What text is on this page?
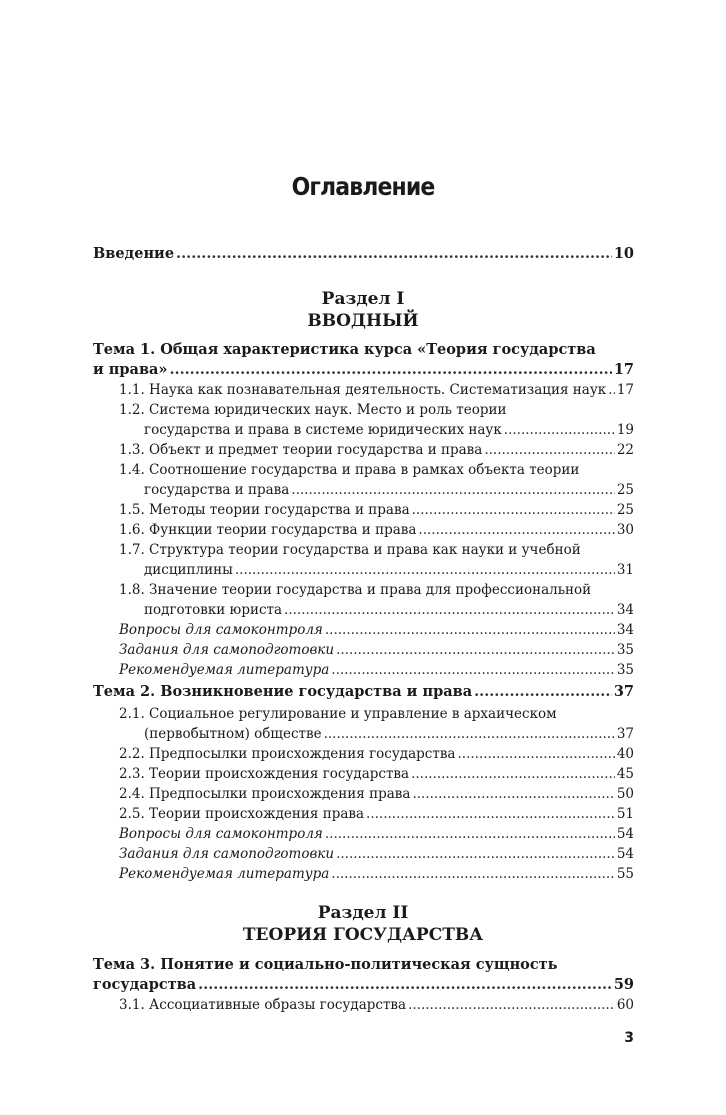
Оглавление
Введение .....	10
Раздел I
ВВОДНЫЙ
Тема 1. Общая характеристика курса «Теория государства
и права» .....	17
1.1. Наука как познавательная деятельность. Систематизация наук ..... 17
1.2. Система юридических наук. Место и роль теории
государства и права в системе юридических наук .....	19
1.3. Объект и предмет теории государства и права .....	22
1.4. Соотношение государства и права в рамках объекта теории
государства и права .....	25
1.5. Методы теории государства и права .....	25
1.6. Функции теории государства и права .....	30
1.7. Структура теории государства и права как науки и учебной
дисциплины .....	31
1.8. Значение теории государства и права для профессиональной
подготовки юриста .....	34
Вопросы для самоконтроля .....	34
Задания для самоподготовки .....	35
Рекомендуемая литература .....	35
Тема 2. Возникновение государства и права .....	37
2.1. Социальное регулирование и управление в архаическом
(первобытном) обществе .....	37
2.2. Предпосылки происхождения государства .....	40
2.3. Теории происхождения государства .....	45
2.4. Предпосылки происхождения права .....	50
2.5. Теории происхождения права .....	51
Вопросы для самоконтроля .....	54
Задания для самоподготовки .....	54
Рекомендуемая литература .....	55
Раздел II
ТЕОРИЯ ГОСУДАРСТВА
Тема 3. Понятие и социально-политическая сущность
государства .....	59
3.1. Ассоциативные образы государства .....	60
3
